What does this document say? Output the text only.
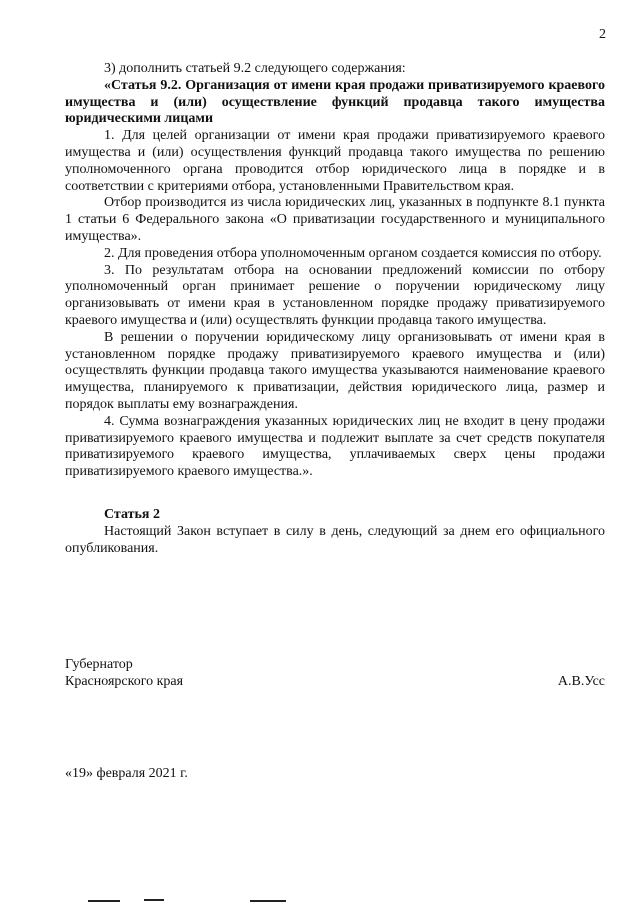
2

3) дополнить статьей 9.2 следующего содержания:

«Статья 9.2. Организация от имени края продажи приватизируемого краевого имущества и (или) осуществление функций продавца такого имущества юридическими лицами

1. Для целей организации от имени края продажи приватизируемого краевого имущества и (или) осуществления функций продавца такого имущества по решению уполномоченного органа проводится отбор юридического лица в порядке и в соответствии с критериями отбора, установленными Правительством края.

Отбор производится из числа юридических лиц, указанных в подпункте 8.1 пункта 1 статьи 6 Федерального закона «О приватизации государственного и муниципального имущества».

2. Для проведения отбора уполномоченным органом создается комиссия по отбору.

3. По результатам отбора на основании предложений комиссии по отбору уполномоченный орган принимает решение о поручении юридическому лицу организовывать от имени края в установленном порядке продажу приватизируемого краевого имущества и (или) осуществлять функции продавца такого имущества.

В решении о поручении юридическому лицу организовывать от имени края в установленном порядке продажу приватизируемого краевого имущества и (или) осуществлять функции продавца такого имущества указываются наименование краевого имущества, планируемого к приватизации, действия юридического лица, размер и порядок выплаты ему вознаграждения.

4. Сумма вознаграждения указанных юридических лиц не входит в цену продажи приватизируемого краевого имущества и подлежит выплате за счет средств покупателя приватизируемого краевого имущества, уплачиваемых сверх цены продажи приватизируемого краевого имущества.».

Статья 2

Настоящий Закон вступает в силу в день, следующий за днем его официального опубликования.

Губернатор
Красноярского края	А.В.Усс
«19» февраля 2021 г.
